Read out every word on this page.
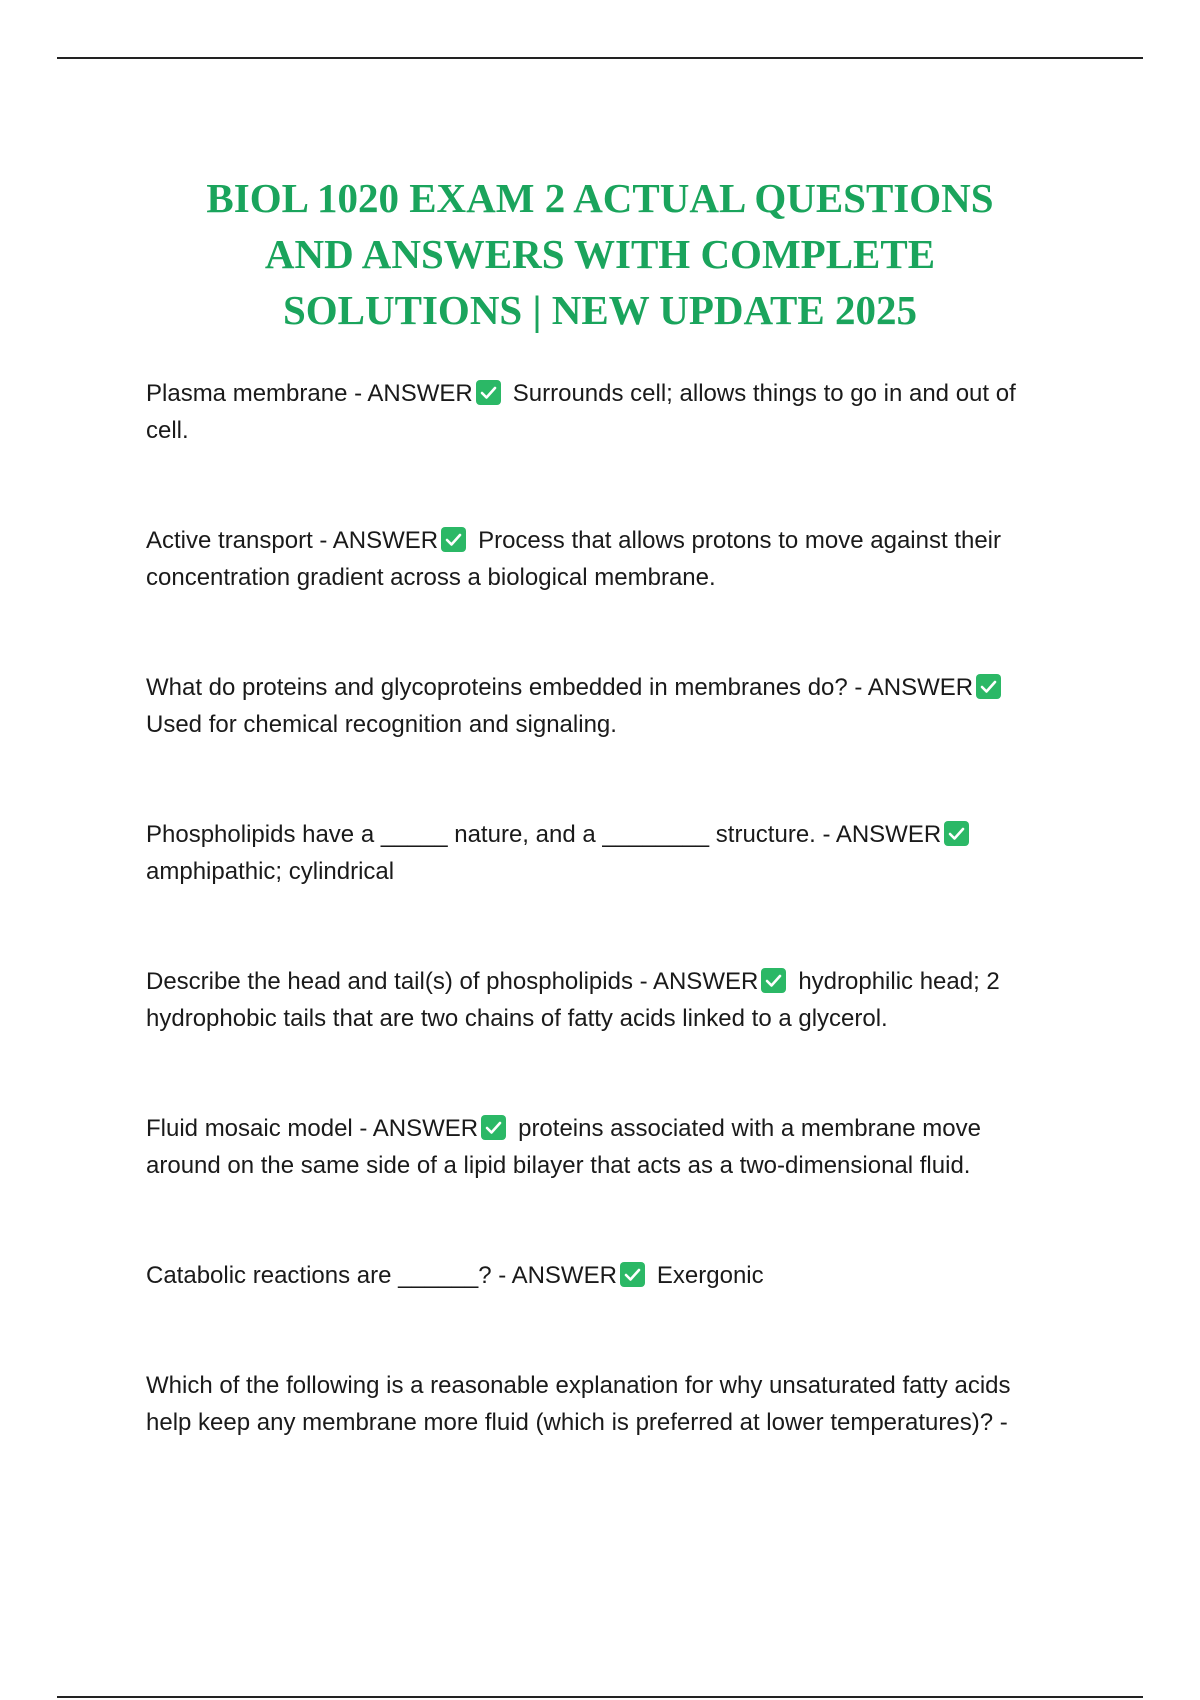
BIOL 1020 EXAM 2 ACTUAL QUESTIONS
AND ANSWERS WITH COMPLETE
SOLUTIONS | NEW UPDATE 2025
Plasma membrane - ANSWER Surrounds cell; allows things to go in and out of
cell.
Active transport - ANSWER Process that allows protons to move against their
concentration gradient across a biological membrane.
What do proteins and glycoproteins embedded in membranes do? - ANSWER
Used for chemical recognition and signaling.
Phospholipids have a _____ nature, and a ________ structure. - ANSWER
amphipathic; cylindrical
Describe the head and tail(s) of phospholipids - ANSWER hydrophilic head; 2
hydrophobic tails that are two chains of fatty acids linked to a glycerol.
Fluid mosaic model - ANSWER proteins associated with a membrane move
around on the same side of a lipid bilayer that acts as a two-dimensional fluid.
Catabolic reactions are ______? - ANSWER Exergonic
Which of the following is a reasonable explanation for why unsaturated fatty acids
help keep any membrane more fluid (which is preferred at lower temperatures)? -
